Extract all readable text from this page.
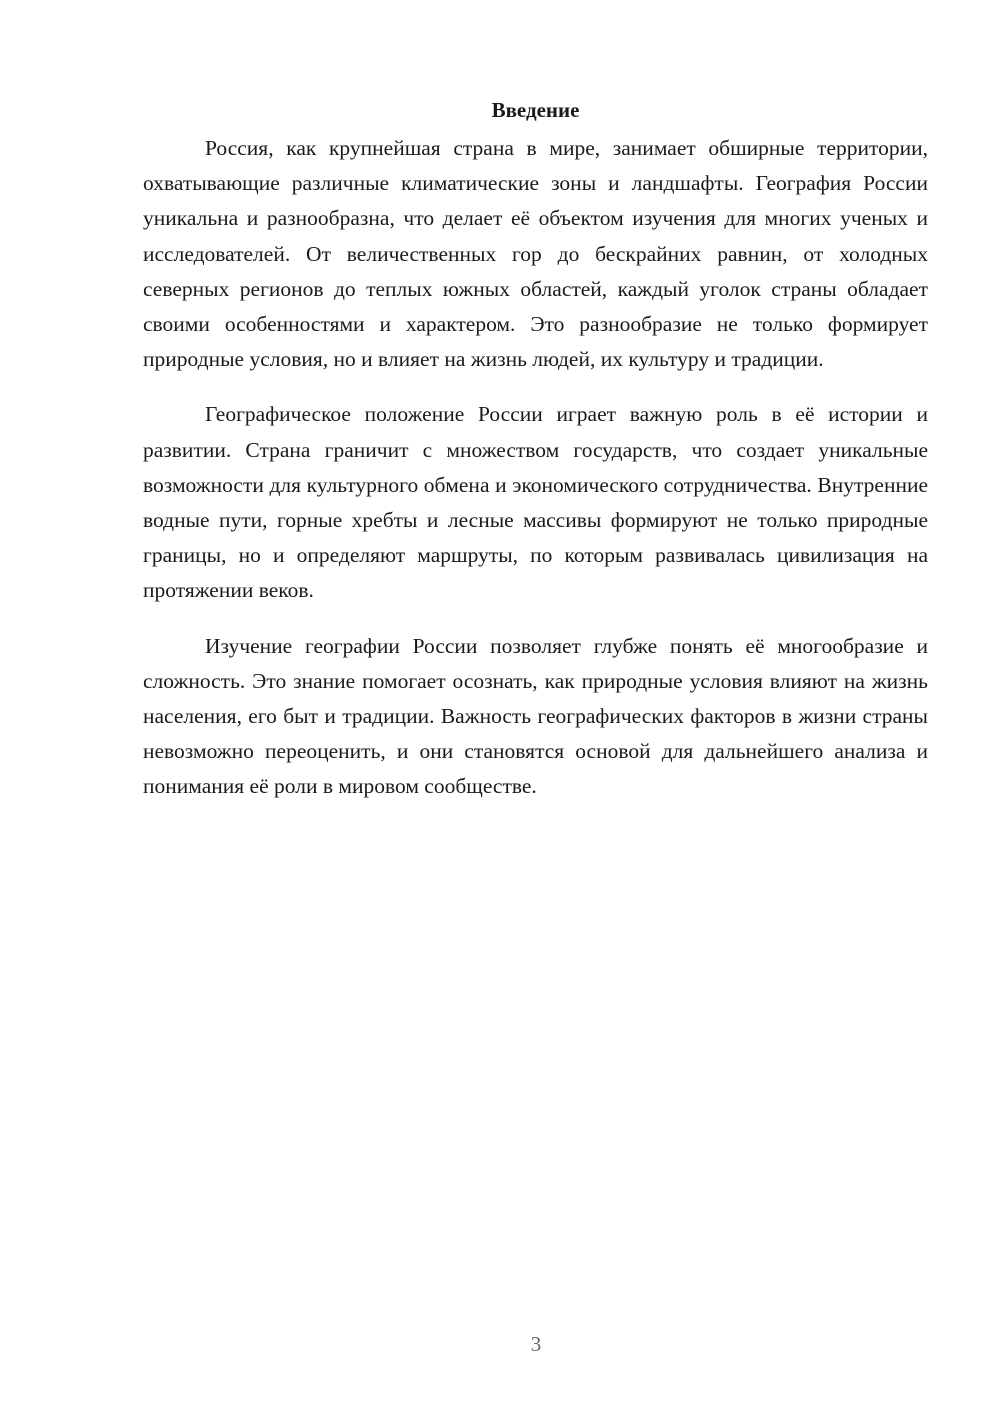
Введение

Россия, как крупнейшая страна в мире, занимает обширные территории, охватывающие различные климатические зоны и ландшафты. География России уникальна и разнообразна, что делает её объектом изучения для многих ученых и исследователей. От величественных гор до бескрайних равнин, от холодных северных регионов до теплых южных областей, каждый уголок страны обладает своими особенностями и характером. Это разнообразие не только формирует природные условия, но и влияет на жизнь людей, их культуру и традиции.

Географическое положение России играет важную роль в её истории и развитии. Страна граничит с множеством государств, что создает уникальные возможности для культурного обмена и экономического сотрудничества. Внутренние водные пути, горные хребты и лесные массивы формируют не только природные границы, но и определяют маршруты, по которым развивалась цивилизация на протяжении веков.

Изучение географии России позволяет глубже понять её многообразие и сложность. Это знание помогает осознать, как природные условия влияют на жизнь населения, его быт и традиции. Важность географических факторов в жизни страны невозможно переоценить, и они становятся основой для дальнейшего анализа и понимания её роли в мировом сообществе.

3
